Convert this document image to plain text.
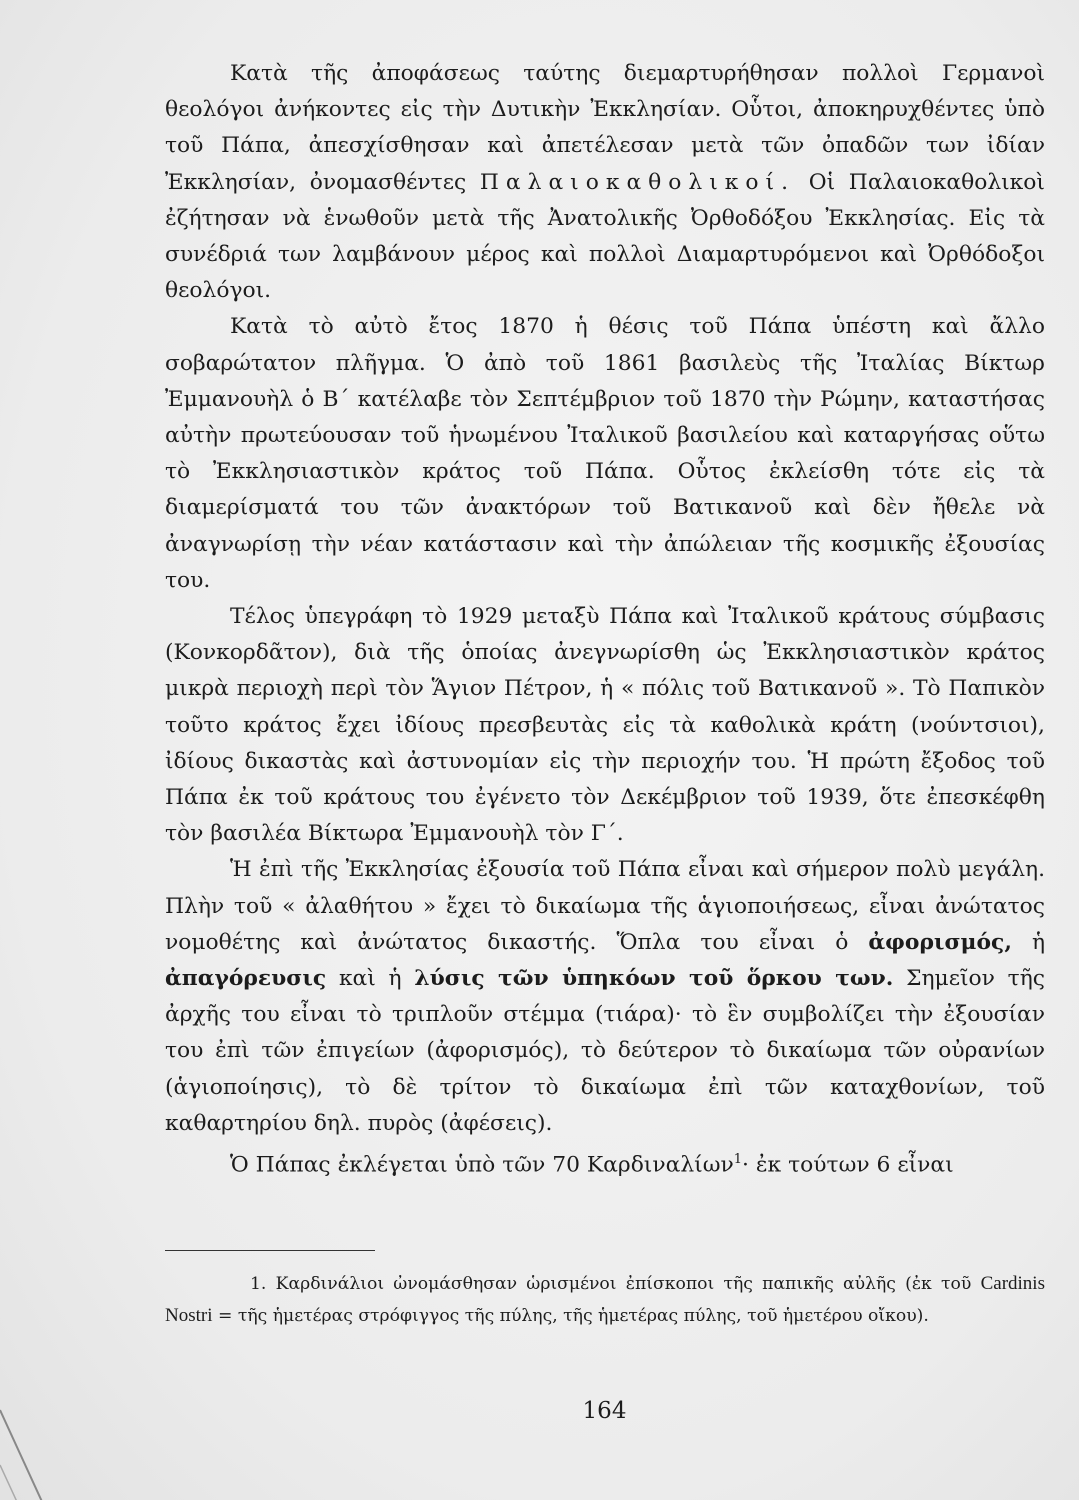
Κατὰ τῆς ἀποφάσεως ταύτης διεμαρτυρήθησαν πολλοὶ Γερμανοὶ θεολόγοι ἀνήκοντες εἰς τὴν Δυτικὴν Ἐκκλησίαν. Οὗτοι, ἀποκηρυχθέντες ὑπὸ τοῦ Πάπα, ἀπεσχίσθησαν καὶ ἀπετέλεσαν μετὰ τῶν ὀπαδῶν των ἰδίαν Ἐκκλησίαν, ὀνομασθέντες Παλαιοκαθολικοί. Οἱ Παλαιοκαθολικοὶ ἐζήτησαν νὰ ἑνωθοῦν μετὰ τῆς Ἀνατολικῆς Ὀρθοδόξου Ἐκκλησίας. Εἰς τὰ συνέδριά των λαμβάνουν μέρος καὶ πολλοὶ Διαμαρτυρόμενοι καὶ Ὀρθόδοξοι θεολόγοι.

Κατὰ τὸ αὐτὸ ἔτος 1870 ἡ θέσις τοῦ Πάπα ὑπέστη καὶ ἄλλο σοβαρώτατον πλῆγμα. Ὁ ἀπὸ τοῦ 1861 βασιλεὺς τῆς Ἰταλίας Βίκτωρ Ἐμμανουὴλ ὁ Β΄ κατέλαβε τὸν Σεπτέμβριον τοῦ 1870 τὴν Ρώμην, καταστήσας αὐτὴν πρωτεύουσαν τοῦ ἡνωμένου Ἰταλικοῦ βασιλείου καὶ καταργήσας οὕτω τὸ Ἐκκλησιαστικὸν κράτος τοῦ Πάπα. Οὗτος ἐκλείσθη τότε εἰς τὰ διαμερίσματά του τῶν ἀνακτόρων τοῦ Βατικανοῦ καὶ δὲν ἤθελε νὰ ἀναγνωρίσῃ τὴν νέαν κατάστασιν καὶ τὴν ἀπώλειαν τῆς κοσμικῆς ἐξουσίας του.

Τέλος ὑπεγράφη τὸ 1929 μεταξὺ Πάπα καὶ Ἰταλικοῦ κράτους σύμβασις (Κονκορδᾶτον), διὰ τῆς ὁποίας ἀνεγνωρίσθη ὡς Ἐκκλησιαστικὸν κράτος μικρὰ περιοχὴ περὶ τὸν Ἅγιον Πέτρον, ἡ « πόλις τοῦ Βατικανοῦ ». Τὸ Παπικὸν τοῦτο κράτος ἔχει ἰδίους πρεσβευτὰς εἰς τὰ καθολικὰ κράτη (νούντσιοι), ἰδίους δικαστὰς καὶ ἀστυνομίαν εἰς τὴν περιοχήν του. Ἡ πρώτη ἔξοδος τοῦ Πάπα ἐκ τοῦ κράτους του ἐγένετο τὸν Δεκέμβριον τοῦ 1939, ὅτε ἐπεσκέφθη τὸν βασιλέα Βίκτωρα Ἐμμανουὴλ τὸν Γ΄.

Ἡ ἐπὶ τῆς Ἐκκλησίας ἐξουσία τοῦ Πάπα εἶναι καὶ σήμερον πολὺ μεγάλη. Πλὴν τοῦ « ἀλαθήτου » ἔχει τὸ δικαίωμα τῆς ἁγιοποιήσεως, εἶναι ἀνώτατος νομοθέτης καὶ ἀνώτατος δικαστής. Ὅπλα του εἶναι ὁ ἀφορισμός, ἡ ἀπαγόρευσις καὶ ἡ λύσις τῶν ὑπηκόων τοῦ ὅρκου των. Σημεῖον τῆς ἀρχῆς του εἶναι τὸ τριπλοῦν στέμμα (τιάρα)· τὸ ἓν συμβολίζει τὴν ἐξουσίαν του ἐπὶ τῶν ἐπιγείων (ἀφορισμός), τὸ δεύτερον τὸ δικαίωμα τῶν οὐρανίων (ἁγιοποίησις), τὸ δὲ τρίτον τὸ δικαίωμα ἐπὶ τῶν καταχθονίων, τοῦ καθαρτηρίου δηλ. πυρὸς (ἀφέσεις).

Ὁ Πάπας ἐκλέγεται ὑπὸ τῶν 70 Καρδιναλίων$^1$· ἐκ τούτων 6 εἶναι

1. Καρδινάλιοι ὠνομάσθησαν ὡρισμένοι ἐπίσκοποι τῆς παπικῆς αὐλῆς (ἐκ τοῦ Cardinis Nostri = τῆς ἡμετέρας στρόφιγγος τῆς πύλης, τῆς ἡμετέρας πύλης, τοῦ ἡμετέρου οἴκου).

164
